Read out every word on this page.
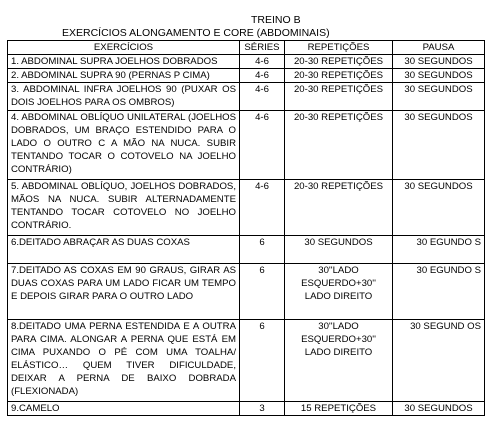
TREINO B
EXERCÍCIOS ALONGAMENTO E CORE (ABDOMINAIS)
EXERCÍCIOS	SÉRIES	REPETIÇÕES	PAUSA
1. ABDOMINAL SUPRA JOELHOS DOBRADOS	4-6	20-30 REPETIÇÕES	30 SEGUNDOS
2. ABDOMINAL SUPRA 90 (PERNAS P CIMA)	4-6	20-30 REPETIÇÕES	30 SEGUNDOS
3. ABDOMINAL INFRA JOELHOS 90 (PUXAR OS DOIS JOELHOS PARA OS OMBROS)	4-6	20-30 REPETIÇÕES	30 SEGUNDOS
4. ABDOMINAL OBLÍQUO UNILATERAL (JOELHOS DOBRADOS, UM BRAÇO ESTENDIDO PARA O LADO O OUTRO C A MÃO NA NUCA. SUBIR TENTANDO TOCAR O COTOVELO NA JOELHO CONTRÁRIO)	4-6	20-30 REPETIÇÕES	30 SEGUNDOS
5. ABDOMINAL OBLÍQUO, JOELHOS DOBRADOS, MÃOS NA NUCA. SUBIR ALTERNADAMENTE TENTANDO TOCAR COTOVELO NO JOELHO CONTRÁRIO.	4-6	20-30 REPETIÇÕES	30 SEGUNDOS
6.DEITADO ABRAÇAR AS DUAS COXAS	6	30 SEGUNDOS	30 EGUNDO S
7.DEITADO AS COXAS EM 90 GRAUS, GIRAR AS DUAS COXAS PARA UM LADO FICAR UM TEMPO E DEPOIS GIRAR PARA O OUTRO LADO	6	30''LADO ESQUERDO+30'' LADO DIREITO	30 EGUNDO S
8.DEITADO UMA PERNA ESTENDIDA E A OUTRA PARA CIMA. ALONGAR A PERNA QUE ESTÁ EM CIMA PUXANDO O PÉ COM UMA TOALHA/ ELÁSTICO… QUEM TIVER DIFICULDADE, DEIXAR A PERNA DE BAIXO DOBRADA (FLEXIONADA)	6	30''LADO ESQUERDO+30'' LADO DIREITO	30 SEGUND OS
9.CAMELO	3	15 REPETIÇÕES	30 SEGUNDOS
